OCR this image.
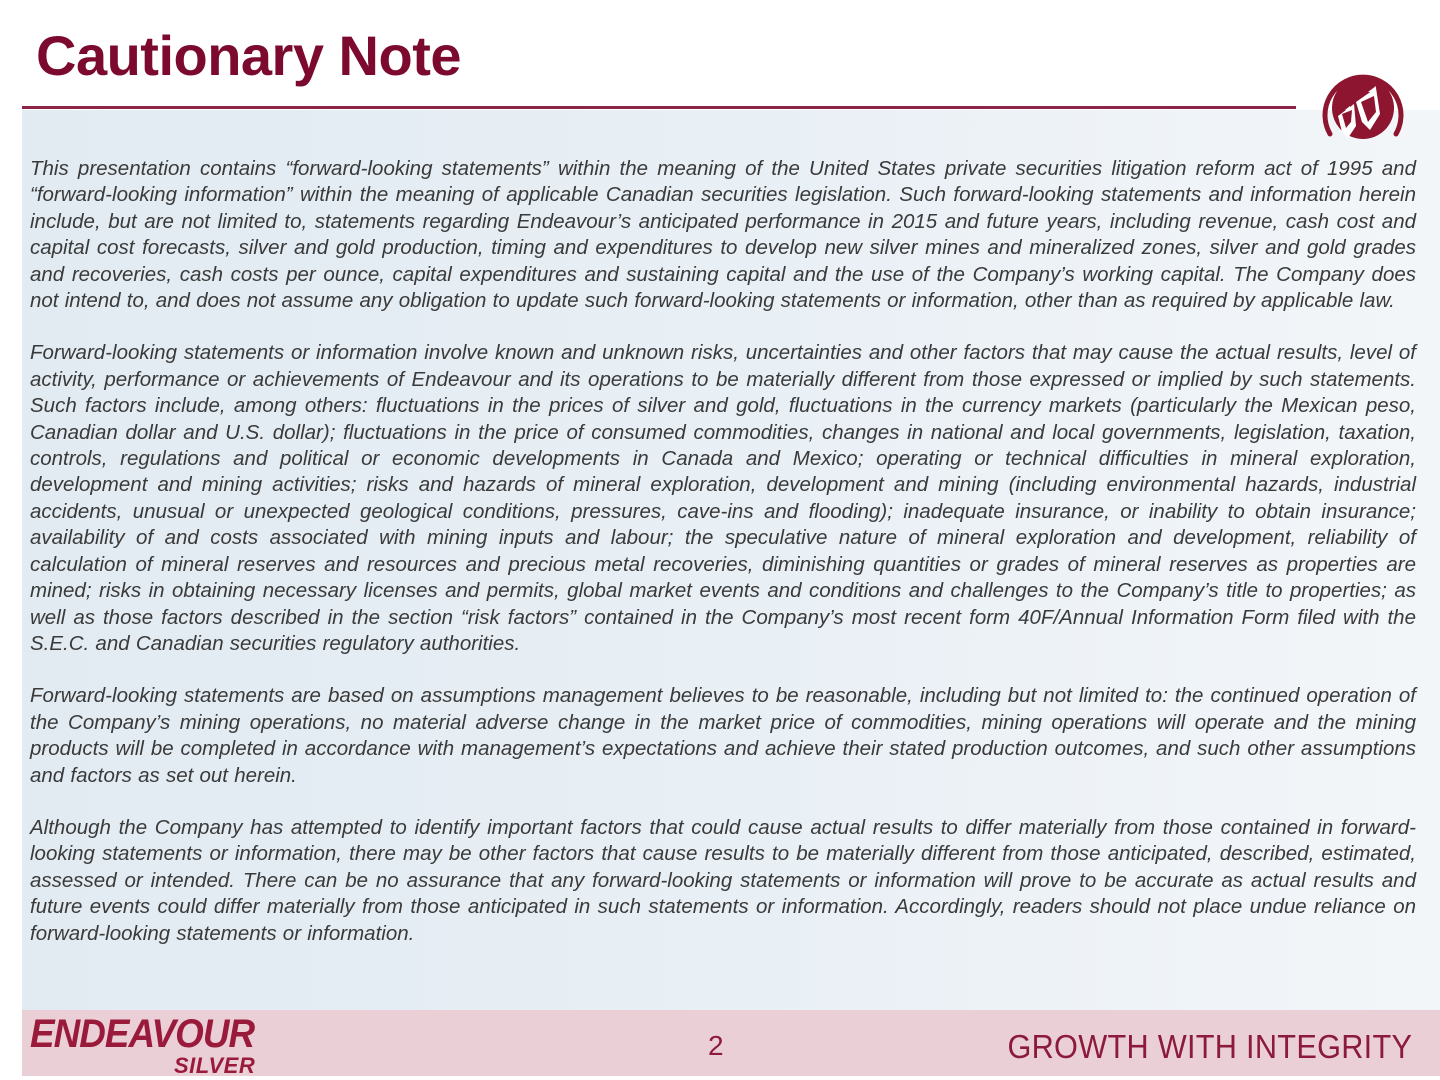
Cautionary Note

This presentation contains “forward-looking statements” within the meaning of the United States private securities litigation reform act of 1995 and “forward-looking information” within the meaning of applicable Canadian securities legislation. Such forward-looking statements and information herein include, but are not limited to, statements regarding Endeavour’s anticipated performance in 2015 and future years, including revenue, cash cost and capital cost forecasts, silver and gold production, timing and expenditures to develop new silver mines and mineralized zones, silver and gold grades and recoveries, cash costs per ounce, capital expenditures and sustaining capital and the use of the Company’s working capital. The Company does not intend to, and does not assume any obligation to update such forward-looking statements or information, other than as required by applicable law.

Forward-looking statements or information involve known and unknown risks, uncertainties and other factors that may cause the actual results, level of activity, performance or achievements of Endeavour and its operations to be materially different from those expressed or implied by such statements. Such factors include, among others: fluctuations in the prices of silver and gold, fluctuations in the currency markets (particularly the Mexican peso, Canadian dollar and U.S. dollar); fluctuations in the price of consumed commodities, changes in national and local governments, legislation, taxation, controls, regulations and political or economic developments in Canada and Mexico; operating or technical difficulties in mineral exploration, development and mining activities; risks and hazards of mineral exploration, development and mining (including environmental hazards, industrial accidents, unusual or unexpected geological conditions, pressures, cave-ins and flooding); inadequate insurance, or inability to obtain insurance; availability of and costs associated with mining inputs and labour; the speculative nature of mineral exploration and development, reliability of calculation of mineral reserves and resources and precious metal recoveries, diminishing quantities or grades of mineral reserves as properties are mined; risks in obtaining necessary licenses and permits, global market events and conditions and challenges to the Company’s title to properties; as well as those factors described in the section “risk factors” contained in the Company’s most recent form 40F/Annual Information Form filed with the S.E.C. and Canadian securities regulatory authorities.

Forward-looking statements are based on assumptions management believes to be reasonable, including but not limited to: the continued operation of the Company’s mining operations, no material adverse change in the market price of commodities, mining operations will operate and the mining products will be completed in accordance with management’s expectations and achieve their stated production outcomes, and such other assumptions and factors as set out herein.

Although the Company has attempted to identify important factors that could cause actual results to differ materially from those contained in forward-looking statements or information, there may be other factors that cause results to be materially different from those anticipated, described, estimated, assessed or intended. There can be no assurance that any forward-looking statements or information will prove to be accurate as actual results and future events could differ materially from those anticipated in such statements or information. Accordingly, readers should not place undue reliance on forward-looking statements or information.

ENDEAVOUR
SILVER
2	GROWTH WITH INTEGRITY
